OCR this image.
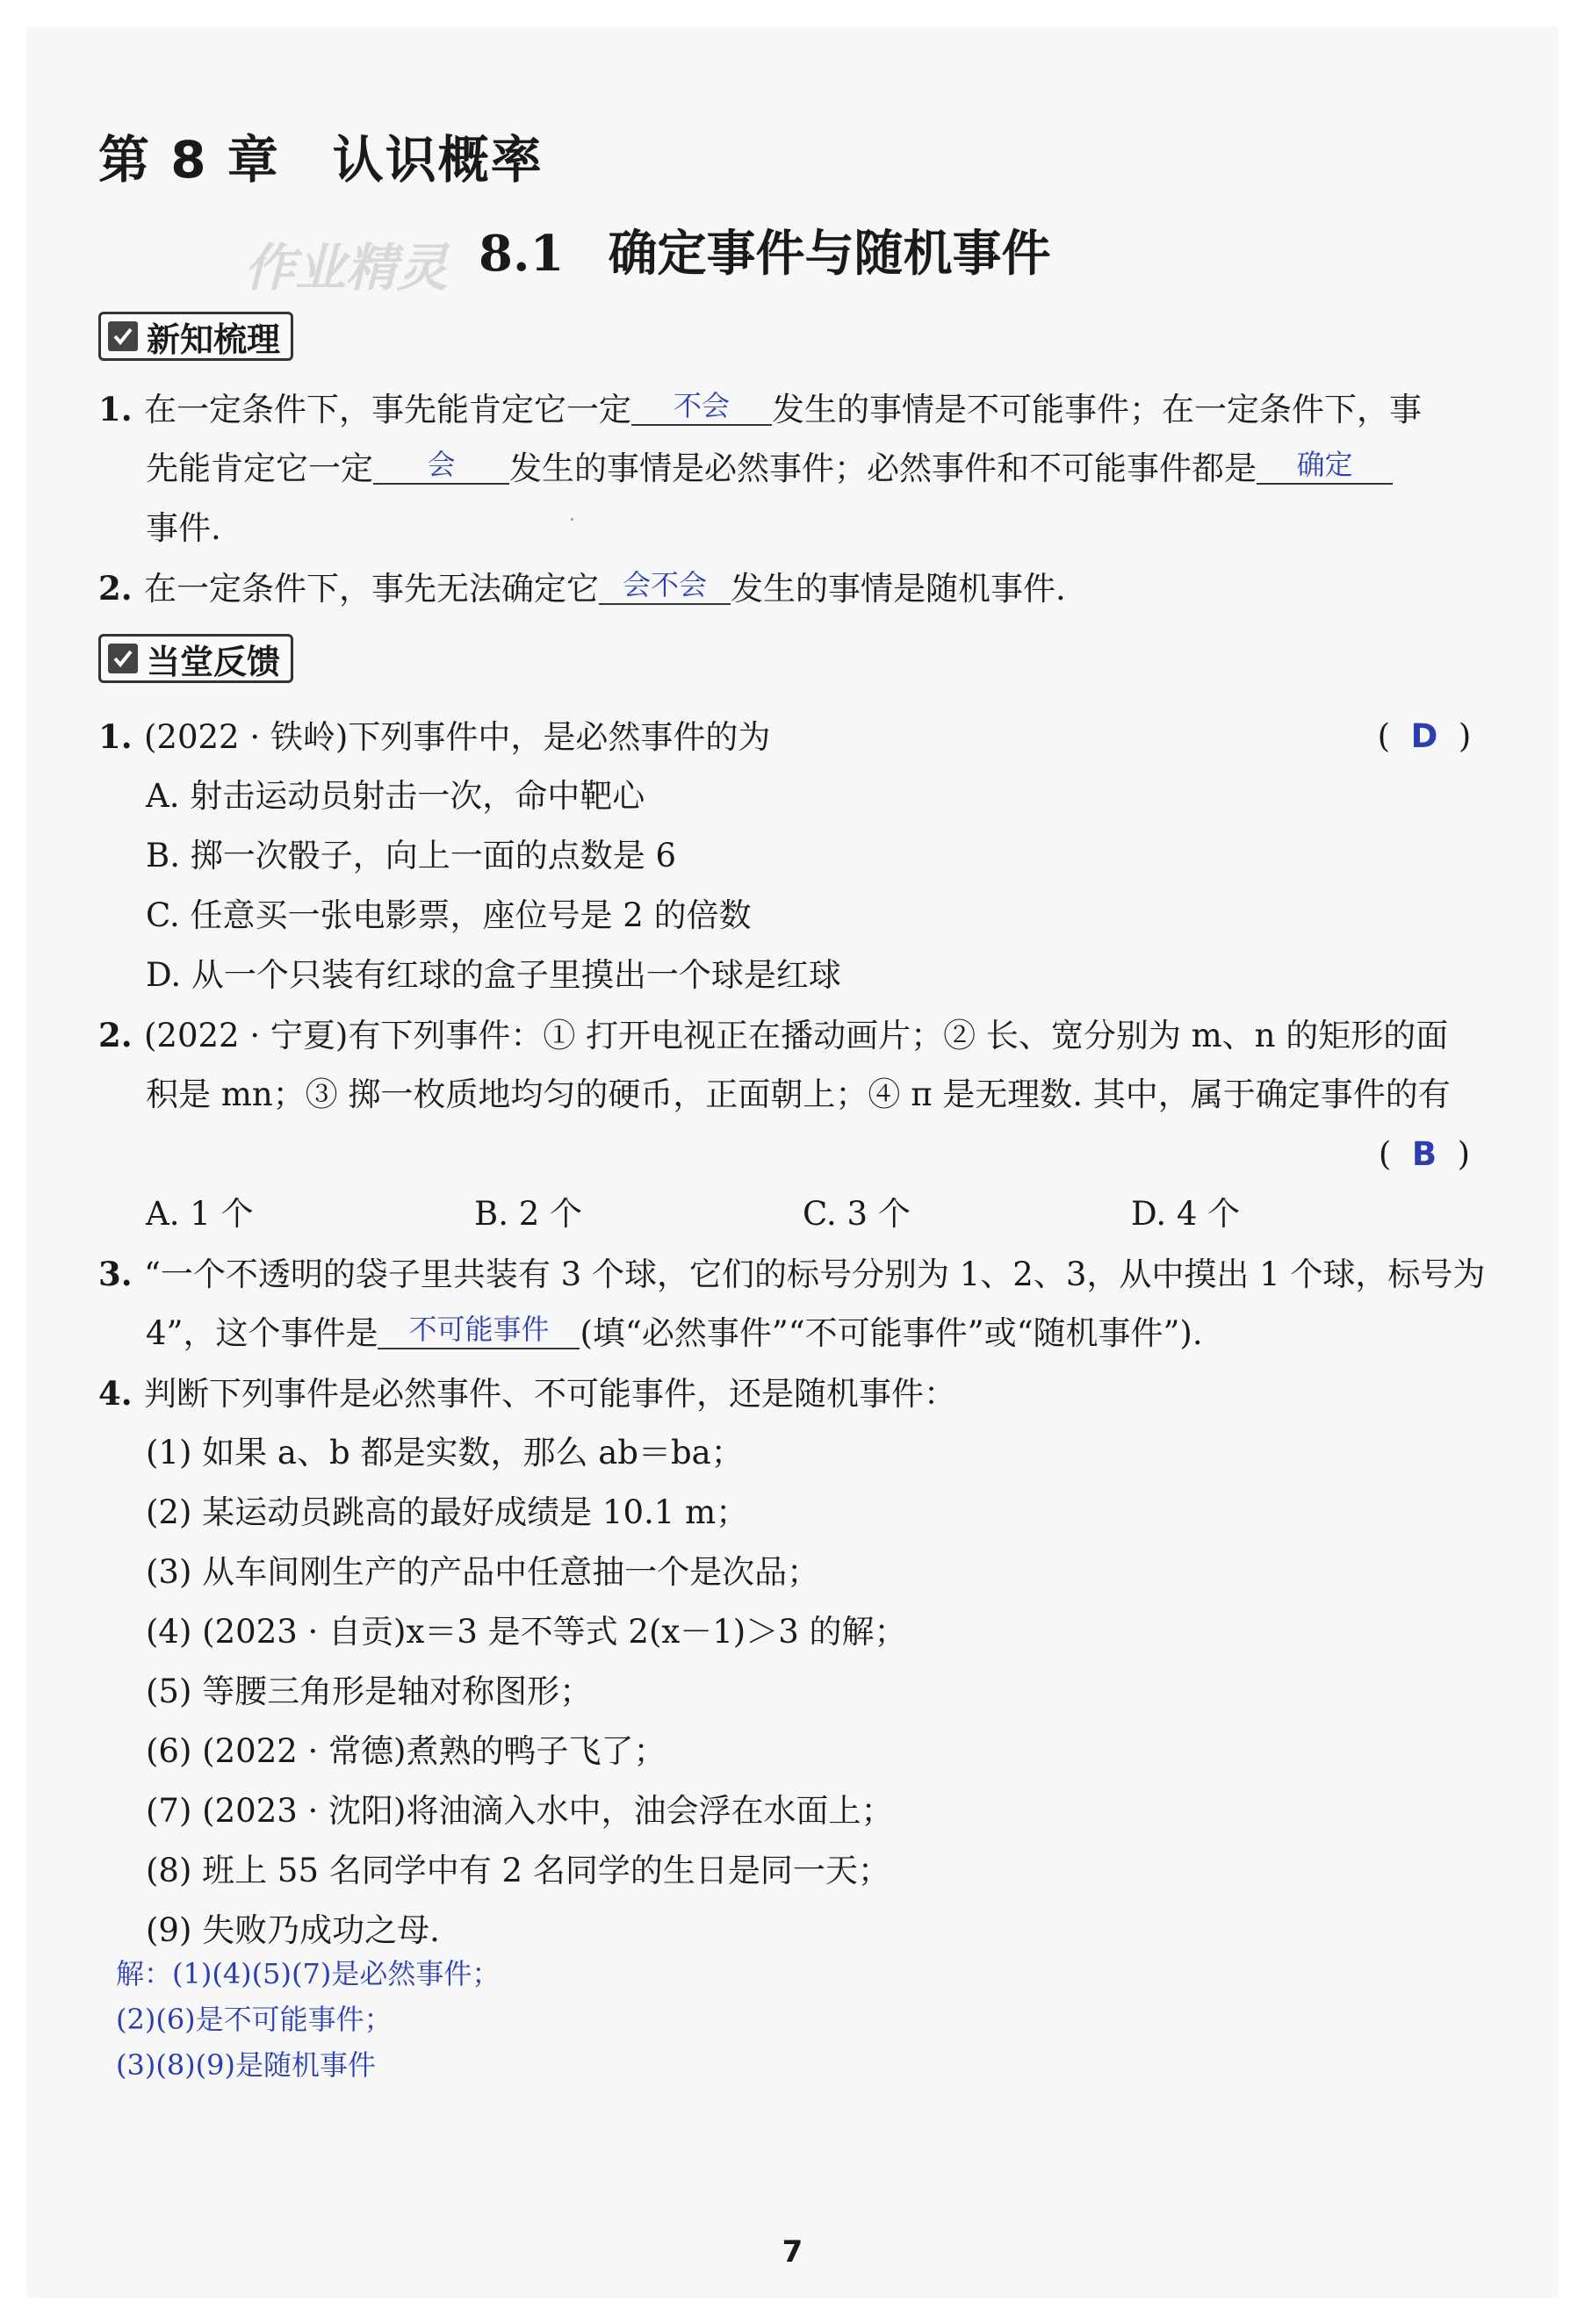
第 8 章 认识概率
作业精灵 8.1 确定事件与随机事件
新知梳理
1. 在一定条件下，事先能肯定它一定 不会 发生的事情是不可能事件；在一定条件下，事
先能肯定它一定 会 发生的事情是必然事件；必然事件和不可能事件都是 确定
事件.
2. 在一定条件下，事先无法确定它 会不会 发生的事情是随机事件.
当堂反馈
1. (2022 · 铁岭)下列事件中，是必然事件的为	(  D  )
A. 射击运动员射击一次，命中靶心
B. 掷一次骰子，向上一面的点数是 6
C. 任意买一张电影票，座位号是 2 的倍数
D. 从一个只装有红球的盒子里摸出一个球是红球
2. (2022 · 宁夏)有下列事件：① 打开电视正在播动画片；② 长、宽分别为 m、n 的矩形的面
积是 mn；③ 掷一枚质地均匀的硬币，正面朝上；④ π 是无理数. 其中，属于确定事件的有
(  B  )
A. 1 个	B. 2 个	C. 3 个	D. 4 个
3. “一个不透明的袋子里共装有 3 个球，它们的标号分别为 1、2、3，从中摸出 1 个球，标号为
4”，这个事件是 不可能事件 (填“必然事件”“不可能事件”或“随机事件”).
4. 判断下列事件是必然事件、不可能事件，还是随机事件：
(1) 如果 a、b 都是实数，那么 ab＝ba；
(2) 某运动员跳高的最好成绩是 10.1 m；
(3) 从车间刚生产的产品中任意抽一个是次品；
(4) (2023 · 自贡)x＝3 是不等式 2(x－1)＞3 的解；
(5) 等腰三角形是轴对称图形；
(6) (2022 · 常德)煮熟的鸭子飞了；
(7) (2023 · 沈阳)将油滴入水中，油会浮在水面上；
(8) 班上 55 名同学中有 2 名同学的生日是同一天；
(9) 失败乃成功之母.
解：(1)(4)(5)(7)是必然事件；
(2)(6)是不可能事件；
(3)(8)(9)是随机事件
7
